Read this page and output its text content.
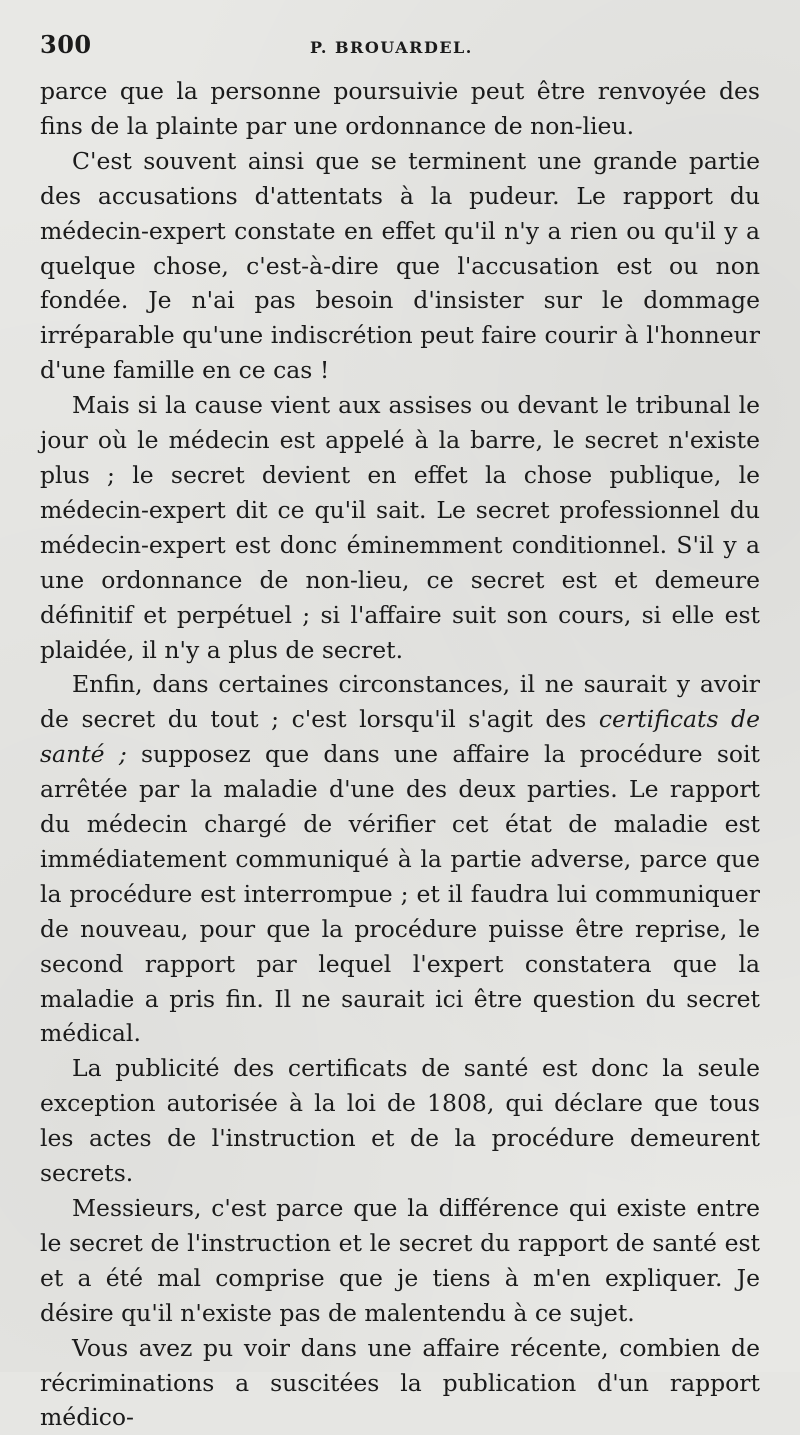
300	P. BROUARDEL.

parce que la personne poursuivie peut être renvoyée des fins de la plainte par une ordonnance de non-lieu.

C'est souvent ainsi que se terminent une grande partie des accusations d'attentats à la pudeur. Le rapport du médecin-expert constate en effet qu'il n'y a rien ou qu'il y a quelque chose, c'est-à-dire que l'accusation est ou non fondée. Je n'ai pas besoin d'insister sur le dommage irréparable qu'une indiscrétion peut faire courir à l'honneur d'une famille en ce cas !

Mais si la cause vient aux assises ou devant le tribunal le jour où le médecin est appelé à la barre, le secret n'existe plus ; le secret devient en effet la chose publique, le médecin-expert dit ce qu'il sait. Le secret professionnel du médecin-expert est donc éminemment conditionnel. S'il y a une ordonnance de non-lieu, ce secret est et demeure définitif et perpétuel ; si l'affaire suit son cours, si elle est plaidée, il n'y a plus de secret.

Enfin, dans certaines circonstances, il ne saurait y avoir de secret du tout ; c'est lorsqu'il s'agit des certificats de santé ; supposez que dans une affaire la procédure soit arrêtée par la maladie d'une des deux parties. Le rapport du médecin chargé de vérifier cet état de maladie est immédiatement communiqué à la partie adverse, parce que la procédure est interrompue ; et il faudra lui communiquer de nouveau, pour que la procédure puisse être reprise, le second rapport par lequel l'expert constatera que la maladie a pris fin. Il ne saurait ici être question du secret médical.

La publicité des certificats de santé est donc la seule exception autorisée à la loi de 1808, qui déclare que tous les actes de l'instruction et de la procédure demeurent secrets.

Messieurs, c'est parce que la différence qui existe entre le secret de l'instruction et le secret du rapport de santé est et a été mal comprise que je tiens à m'en expliquer. Je désire qu'il n'existe pas de malentendu à ce sujet.

Vous avez pu voir dans une affaire récente, combien de récriminations a suscitées la publication d'un rapport médico-
